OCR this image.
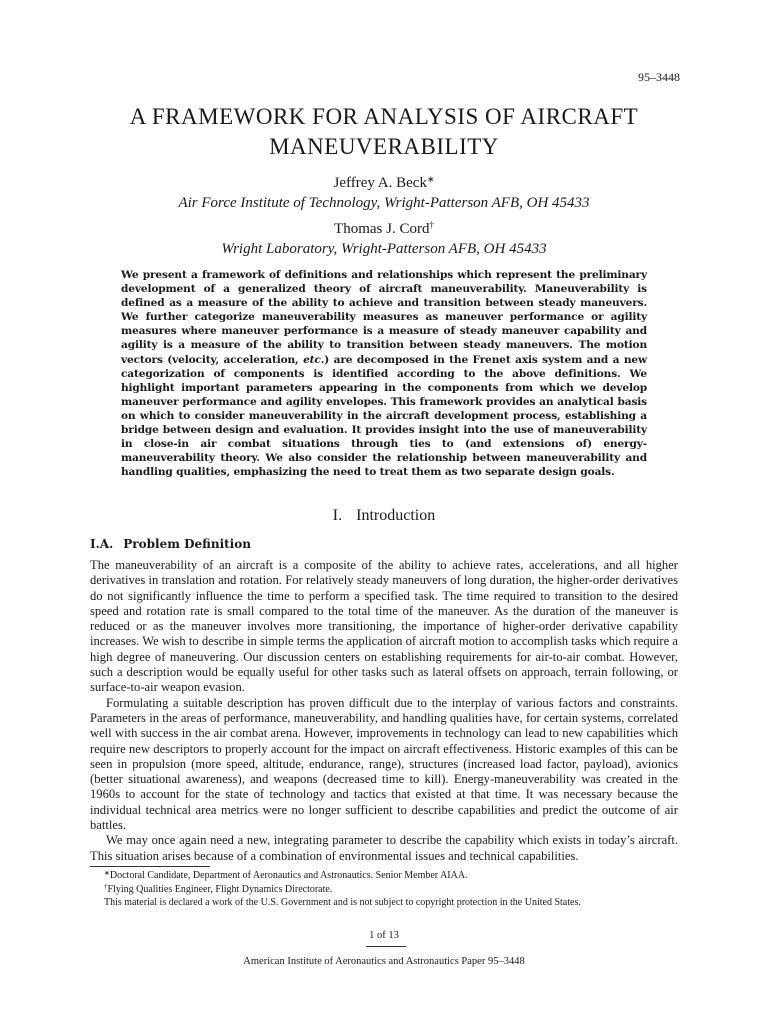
95–3448
A FRAMEWORK FOR ANALYSIS OF AIRCRAFT
MANEUVERABILITY
Jeffrey A. Beck∗
Air Force Institute of Technology, Wright-Patterson AFB, OH 45433
Thomas J. Cord†
Wright Laboratory, Wright-Patterson AFB, OH 45433

We present a framework of definitions and relationships which represent the preliminary development of a generalized theory of aircraft maneuverability. Maneuverability is defined as a measure of the ability to achieve and transition between steady maneuvers. We further categorize maneuverability measures as maneuver performance or agility measures where maneuver performance is a measure of steady maneuver capability and agility is a measure of the ability to transition between steady maneuvers. The motion vectors (velocity, acceleration, etc.) are decomposed in the Frenet axis system and a new categorization of components is identified according to the above definitions. We highlight important parameters appearing in the components from which we develop maneuver performance and agility envelopes. This framework provides an analytical basis on which to consider maneuverability in the aircraft development process, establishing a bridge between design and evaluation. It provides insight into the use of maneuverability in close-in air combat situations through ties to (and extensions of) energy-maneuverability theory. We also consider the relationship between maneuverability and handling qualities, emphasizing the need to treat them as two separate design goals.

I. Introduction
I.A. Problem Definition

The maneuverability of an aircraft is a composite of the ability to achieve rates, accelerations, and all higher derivatives in translation and rotation. For relatively steady maneuvers of long duration, the higher-order derivatives do not significantly influence the time to perform a specified task. The time required to transition to the desired speed and rotation rate is small compared to the total time of the maneuver. As the duration of the maneuver is reduced or as the maneuver involves more transitioning, the importance of higher-order derivative capability increases. We wish to describe in simple terms the application of aircraft motion to accomplish tasks which require a high degree of maneuvering. Our discussion centers on establishing requirements for air-to-air combat. However, such a description would be equally useful for other tasks such as lateral offsets on approach, terrain following, or surface-to-air weapon evasion.

Formulating a suitable description has proven difficult due to the interplay of various factors and constraints. Parameters in the areas of performance, maneuverability, and handling qualities have, for certain systems, correlated well with success in the air combat arena. However, improvements in technology can lead to new capabilities which require new descriptors to properly account for the impact on aircraft effectiveness. Historic examples of this can be seen in propulsion (more speed, altitude, endurance, range), structures (increased load factor, payload), avionics (better situational awareness), and weapons (decreased time to kill). Energy-maneuverability was created in the 1960s to account for the state of technology and tactics that existed at that time. It was necessary because the individual technical area metrics were no longer sufficient to describe capabilities and predict the outcome of air battles.

We may once again need a new, integrating parameter to describe the capability which exists in today’s aircraft. This situation arises because of a combination of environmental issues and technical capabilities.

∗Doctoral Candidate, Department of Aeronautics and Astronautics. Senior Member AIAA.
†Flying Qualities Engineer, Flight Dynamics Directorate.
This material is declared a work of the U.S. Government and is not subject to copyright protection in the United States.
1 of 13
American Institute of Aeronautics and Astronautics Paper 95–3448
